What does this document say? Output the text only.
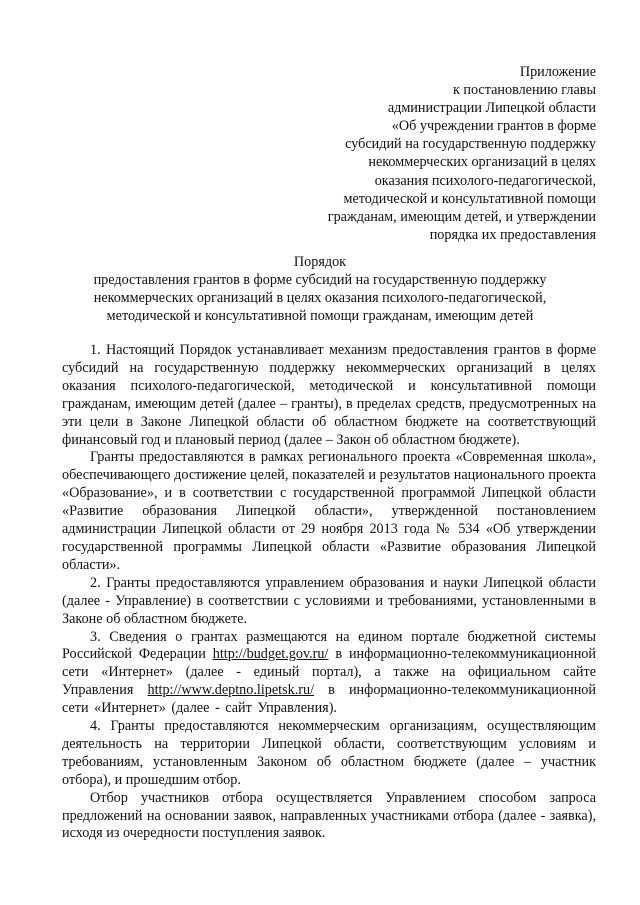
Приложение
к постановлению главы
администрации Липецкой области
«Об учреждении грантов в форме
субсидий на государственную поддержку
некоммерческих организаций в целях
оказания психолого-педагогической,
методической и консультативной помощи
гражданам, имеющим детей, и утверждении
порядка их предоставления
Порядок
предоставления грантов в форме субсидий на государственную поддержку
некоммерческих организаций в целях оказания психолого-педагогической,
методической и консультативной помощи гражданам, имеющим детей

1. Настоящий Порядок устанавливает механизм предоставления грантов в форме субсидий на государственную поддержку некоммерческих организаций в целях оказания психолого-педагогической, методической и консультативной помощи гражданам, имеющим детей (далее – гранты), в пределах средств, предусмотренных на эти цели в Законе Липецкой области об областном бюджете на соответствующий финансовый год и плановый период (далее – Закон об областном бюджете).

Гранты предоставляются в рамках регионального проекта «Современная школа», обеспечивающего достижение целей, показателей и результатов национального проекта «Образование», и в соответствии с государственной программой Липецкой области «Развитие образования Липецкой области», утвержденной постановлением администрации Липецкой области от 29 ноября 2013 года № 534 «Об утверждении государственной программы Липецкой области «Развитие образования Липецкой области».

2. Гранты предоставляются управлением образования и науки Липецкой области (далее - Управление) в соответствии с условиями и требованиями, установленными в Законе об областном бюджете.

3. Сведения о грантах размещаются на едином портале бюджетной системы Российской Федерации http://budget.gov.ru/ в информационно-телекоммуникационной сети «Интернет» (далее - единый портал), а также на официальном сайте Управления http://www.deptno.lipetsk.ru/ в информационно-телекоммуникационной сети «Интернет» (далее - сайт Управления).

4. Гранты предоставляются некоммерческим организациям, осуществляющим деятельность на территории Липецкой области, соответствующим условиям и требованиям, установленным Законом об областном бюджете (далее – участник отбора), и прошедшим отбор.

Отбор участников отбора осуществляется Управлением способом запроса предложений на основании заявок, направленных участниками отбора (далее - заявка), исходя из очередности поступления заявок.
